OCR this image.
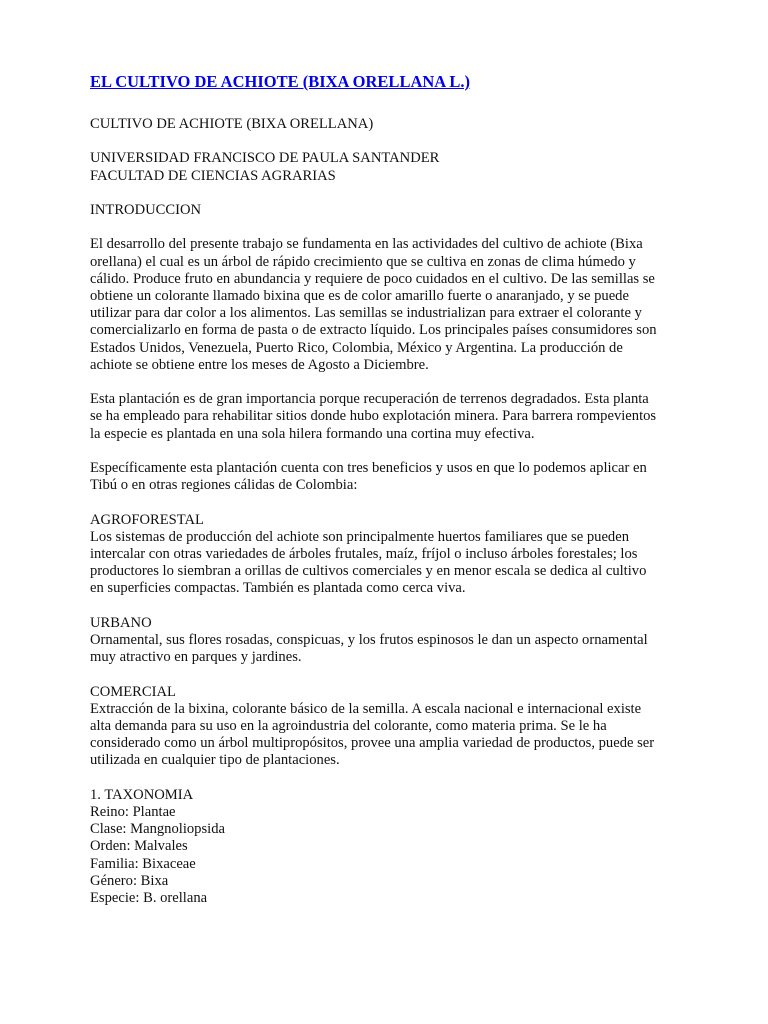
EL CULTIVO DE ACHIOTE (BIXA ORELLANA L.)

CULTIVO DE ACHIOTE (BIXA ORELLANA)

UNIVERSIDAD FRANCISCO DE PAULA SANTANDER

FACULTAD DE CIENCIAS AGRARIAS

INTRODUCCION

El desarrollo del presente trabajo se fundamenta en las actividades del cultivo de achiote (Bixa

orellana) el cual es un árbol de rápido crecimiento que se cultiva en zonas de clima húmedo y

cálido. Produce fruto en abundancia y requiere de poco cuidados en el cultivo. De las semillas se

obtiene un colorante llamado bixina que es de color amarillo fuerte o anaranjado, y se puede

utilizar para dar color a los alimentos. Las semillas se industrializan para extraer el colorante y

comercializarlo en forma de pasta o de extracto líquido. Los principales países consumidores son

Estados Unidos, Venezuela, Puerto Rico, Colombia, México y Argentina. La producción de

achiote se obtiene entre los meses de Agosto a Diciembre.

Esta plantación es de gran importancia porque recuperación de terrenos degradados. Esta planta

se ha empleado para rehabilitar sitios donde hubo explotación minera. Para barrera rompevientos

la especie es plantada en una sola hilera formando una cortina muy efectiva.

Específicamente esta plantación cuenta con tres beneficios y usos en que lo podemos aplicar en

Tibú o en otras regiones cálidas de Colombia:

AGROFORESTAL

Los sistemas de producción del achiote son principalmente huertos familiares que se pueden

intercalar con otras variedades de árboles frutales, maíz, fríjol o incluso árboles forestales; los

productores lo siembran a orillas de cultivos comerciales y en menor escala se dedica al cultivo

en superficies compactas. También es plantada como cerca viva.

URBANO

Ornamental, sus flores rosadas, conspicuas, y los frutos espinosos le dan un aspecto ornamental

muy atractivo en parques y jardines.

COMERCIAL

Extracción de la bixina, colorante básico de la semilla. A escala nacional e internacional existe

alta demanda para su uso en la agroindustria del colorante, como materia prima. Se le ha

considerado como un árbol multipropósitos, provee una amplia variedad de productos, puede ser

utilizada en cualquier tipo de plantaciones.

1. TAXONOMIA

Reino: Plantae

Clase: Mangnoliopsida

Orden: Malvales

Familia: Bixaceae

Género: Bixa

Especie: B. orellana
